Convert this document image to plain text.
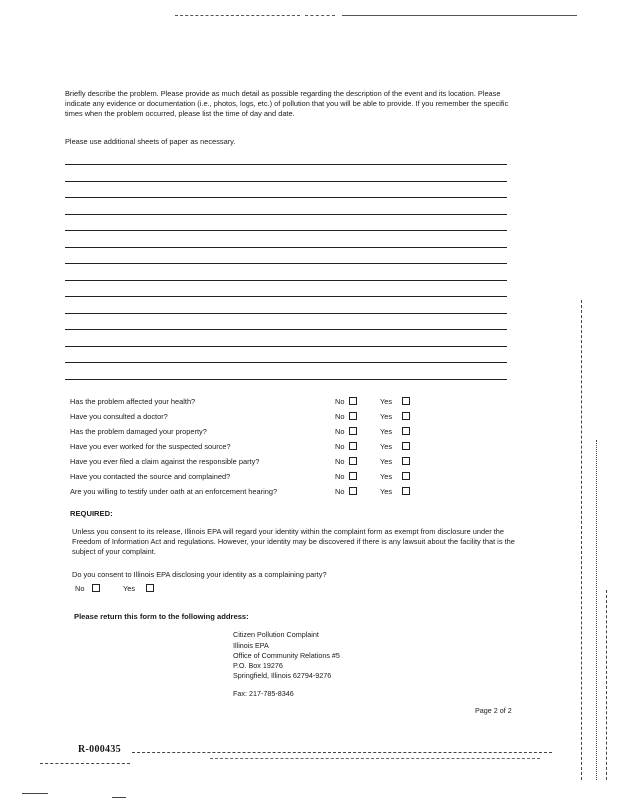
Briefly describe the problem. Please provide as much detail as possible regarding the description of the event and its location. Please indicate any evidence or documentation (i.e., photos, logs, etc.) of pollution that you will be able to provide. If you remember the specific times when the problem occurred, please list the time of day and date.

Please use additional sheets of paper as necessary.

Has the problem affected your health?	No	Yes
Have you consulted a doctor?	No	Yes
Has the problem damaged your property?	No	Yes
Have you ever worked for the suspected source?	No	Yes
Have you ever filed a claim against the responsible party?	No	Yes
Have you contacted the source and complained?	No	Yes
Are you willing to testify under oath at an enforcement hearing?	No	Yes
REQUIRED:

Unless you consent to its release, Illinois EPA will regard your identity within the complaint form as exempt from disclosure under the Freedom of Information Act and regulations. However, your identity may be discovered if there is any lawsuit about the facility that is the subject of your complaint.

Do you consent to Illinois EPA disclosing your identity as a complaining party?
No	Yes
Please return this form to the following address:
Citizen Pollution Complaint
Illinois EPA
Office of Community Relations #5
P.O. Box 19276
Springfield, Illinois 62794-9276
Fax: 217-785-8346
Page 2 of 2
R-000435
